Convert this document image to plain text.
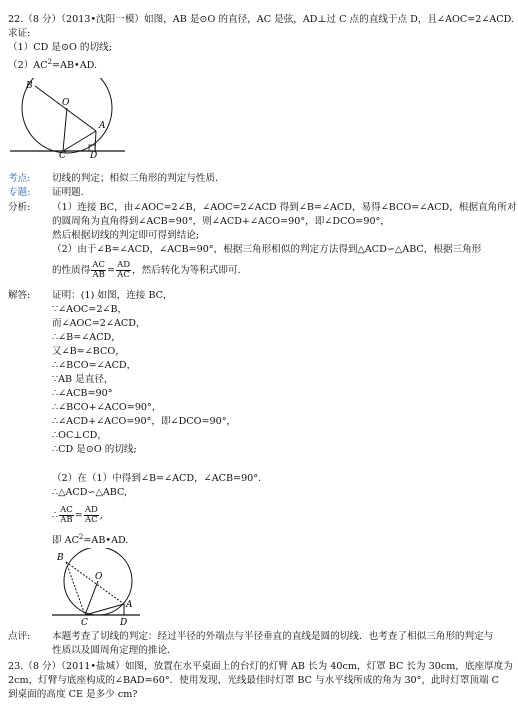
22.（8 分）（2013•沈阳一模）如图，AB 是⊙O 的直径，AC 是弦，AD⊥过 C 点的直线于点 D，且∠AOC=2∠ACD.
求证:
（1）CD 是⊙O 的切线;
$(2)AC^2=AB•AD$.
B
O
A
C	D
考点: 切线的判定；相似三角形的判定与性质.
专题: 证明题.
分析: （1）连接 BC，由∠AOC=2∠B，∠AOC=2∠ACD 得到∠B=∠ACD，易得∠BCO=∠ACD，根据直角所对
的圆周角为直角得到∠ACB=90°，则∠ACD+∠ACO=90°，即∠DCO=90°，
然后根据切线的判定即可得到结论;
（2）由于∠B=∠ACD，∠ACB=90°，根据三角形相似的判定方法得到△ACD∽△ABC，根据三角形
的性质得 $\frac{AC}{AB} = \frac{AD}{AC}$ ，然后转化为等积式即可.
解答: 证明：(1) 如图，连接 BC，
∵∠AOC=2∠B，
而∠AOC=2∠ACD，
∴∠B=∠ACD，
又∠B=∠BCO，
∴∠BCO=∠ACD，
∵AB 是直径，
∴∠ACB=90°
∴∠BCO+∠ACO=90°，
∴∠ACD+∠ACO=90°，即∠DCO=90°，
∴OC⊥CD，
∴CD 是⊙O 的切线;
（2）在（1）中得到∠B=∠ACD，∠ACB=90°.
∴△ACD∽△ABC,
∴ $\frac{AC}{AB} = \frac{AD}{AC}$ ,
即 $AC^2=AB•AD$.
B
O
A
C	D
点评: 本题考查了切线的判定：经过半径的外端点与半径垂直的直线是圆的切线．也考查了相似三角形的判定与
性质以及圆周角定理的推论.
23.（8 分）（2011•盐城）如图，放置在水平桌面上的台灯的灯臂 AB 长为 40cm，灯罩 BC 长为 30cm，底座厚度为
2cm，灯臂与底座构成的∠BAD=60°．使用发现，光线最佳时灯罩 BC 与水平线所成的角为 30°，此时灯罩顶端 C
到桌面的高度 CE 是多少 cm?
